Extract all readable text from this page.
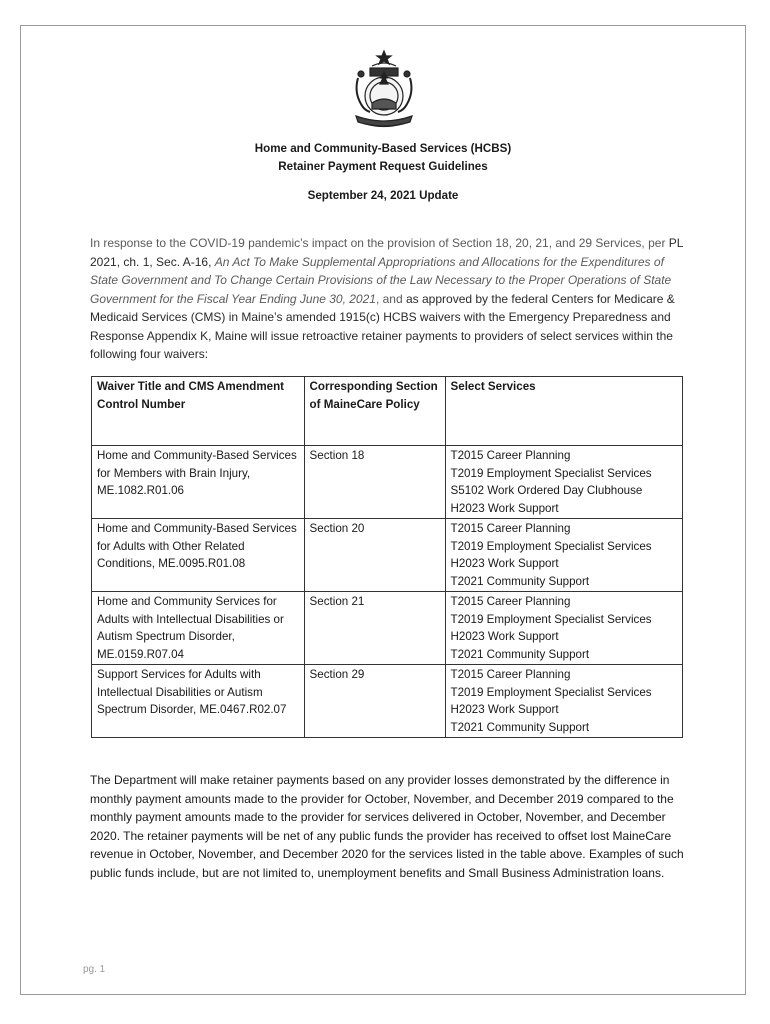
Home and Community-Based Services (HCBS)
Retainer Payment Request Guidelines
September 24, 2021 Update

In response to the COVID-19 pandemic’s impact on the provision of Section 18, 20, 21, and 29 Services, per PL 2021, ch. 1, Sec. A-16, An Act To Make Supplemental Appropriations and Allocations for the Expenditures of State Government and To Change Certain Provisions of the Law Necessary to the Proper Operations of State Government for the Fiscal Year Ending June 30, 2021, and as approved by the federal Centers for Medicare & Medicaid Services (CMS) in Maine’s amended 1915(c) HCBS waivers with the Emergency Preparedness and Response Appendix K, Maine will issue retroactive retainer payments to providers of select services within the following four waivers:

Waiver Title and CMS Amendment Control Number	Corresponding Section of MaineCare Policy	Select Services
Home and Community-Based Services for Members with Brain Injury, ME.1082.R01.06	Section 18	T2015 Career Planning
T2019 Employment Specialist Services
S5102 Work Ordered Day Clubhouse
H2023 Work Support

Home and Community-Based Services for Adults with Other Related Conditions, ME.0095.R01.08	Section 20	T2015 Career Planning
T2019 Employment Specialist Services
H2023 Work Support
T2021 Community Support

Home and Community Services for Adults with Intellectual Disabilities or Autism Spectrum Disorder, ME.0159.R07.04	Section 21	T2015 Career Planning
T2019 Employment Specialist Services
H2023 Work Support
T2021 Community Support

Support Services for Adults with Intellectual Disabilities or Autism Spectrum Disorder, ME.0467.R02.07	Section 29	T2015 Career Planning
T2019 Employment Specialist Services
H2023 Work Support
T2021 Community Support

The Department will make retainer payments based on any provider losses demonstrated by the difference in monthly payment amounts made to the provider for October, November, and December 2019 compared to the monthly payment amounts made to the provider for services delivered in October, November, and December 2020. The retainer payments will be net of any public funds the provider has received to offset lost MaineCare revenue in October, November, and December 2020 for the services listed in the table above. Examples of such public funds include, but are not limited to, unemployment benefits and Small Business Administration loans.

pg. 1
